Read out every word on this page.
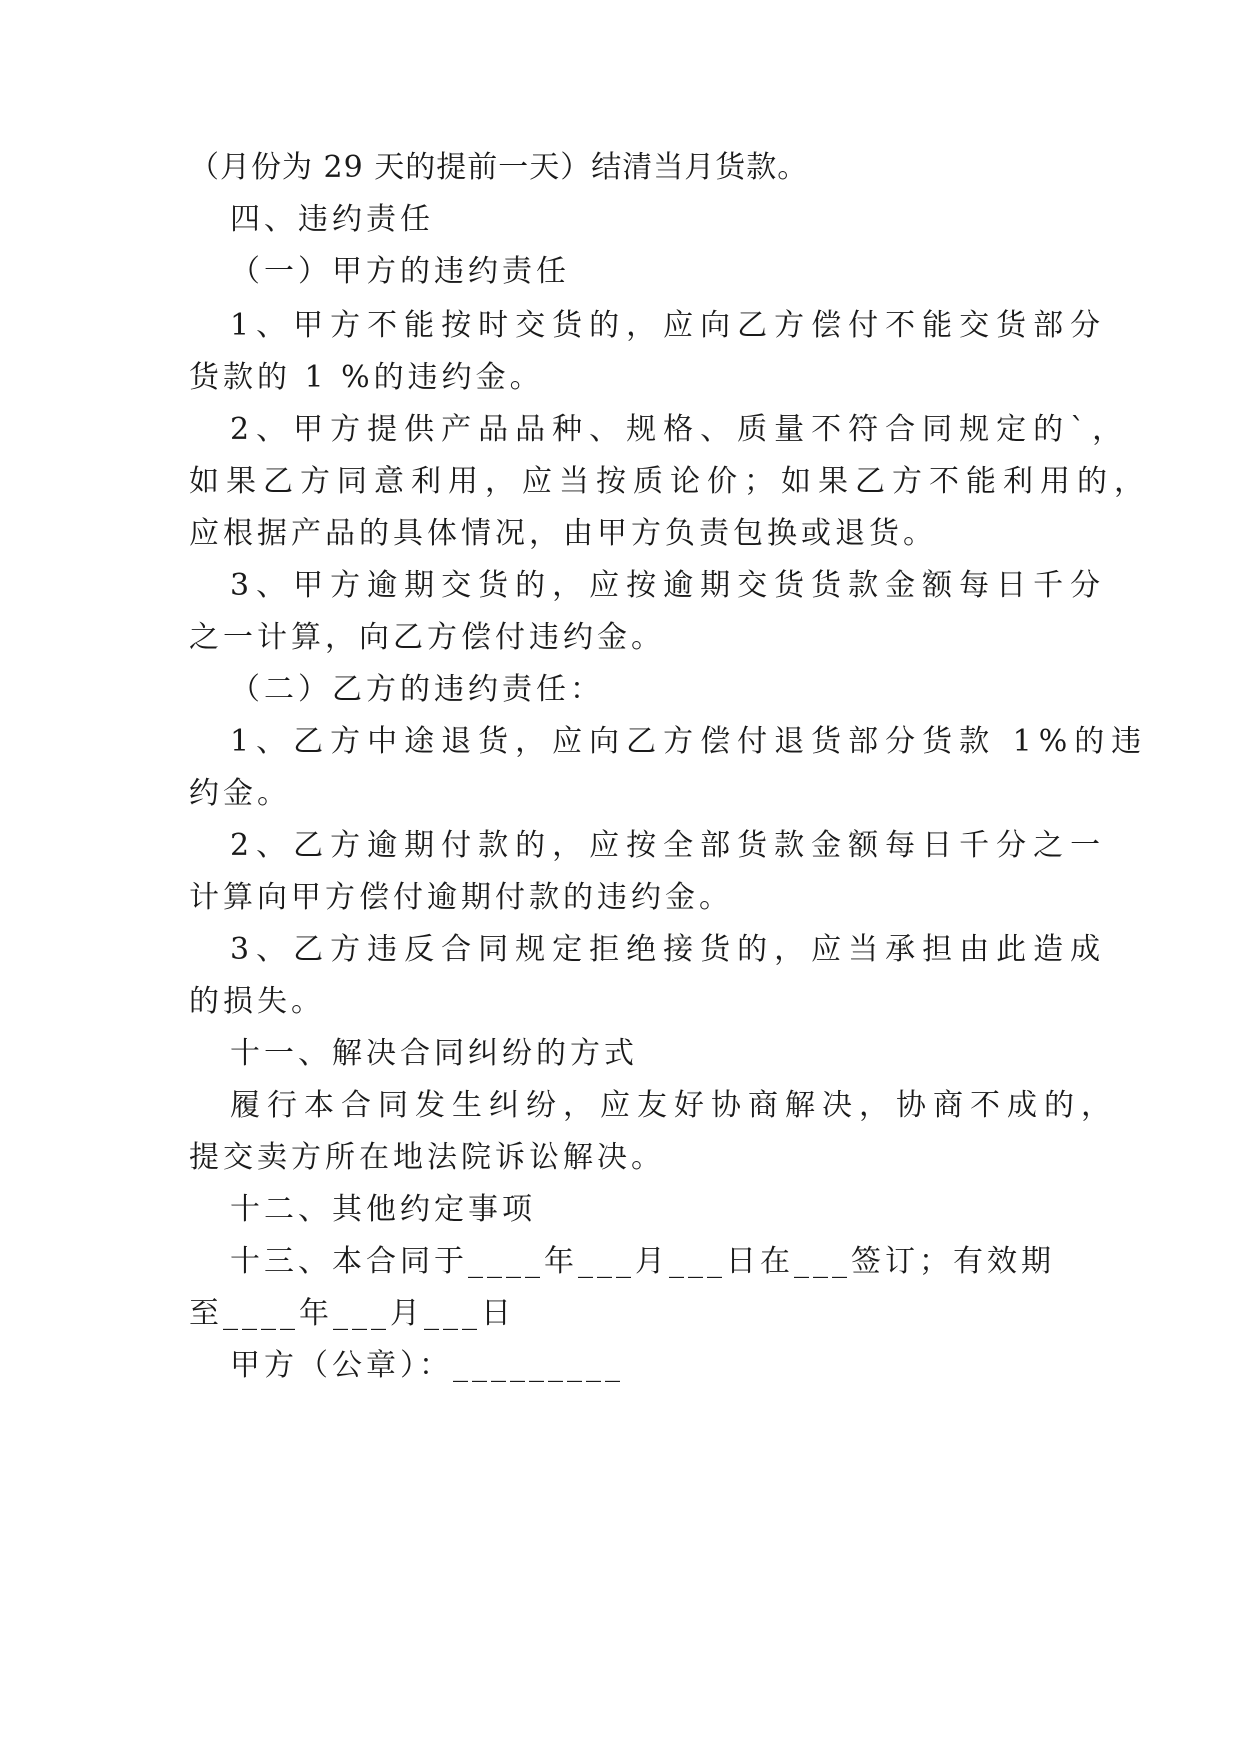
（月份为 29 天的提前一天）结清当月货款。

四、违约责任

（一）甲方的违约责任

1、甲方不能按时交货的，应向乙方偿付不能交货部分

货款的 1 %的违约金。

2、甲方提供产品品种、规格、质量不符合同规定的`，

如果乙方同意利用，应当按质论价；如果乙方不能利用的，

应根据产品的具体情况，由甲方负责包换或退货。

3、甲方逾期交货的，应按逾期交货货款金额每日千分

之一计算，向乙方偿付违约金。

（二）乙方的违约责任：

1、乙方中途退货，应向乙方偿付退货部分货款 1%的违

约金。

2、乙方逾期付款的，应按全部货款金额每日千分之一

计算向甲方偿付逾期付款的违约金。

3、乙方违反合同规定拒绝接货的，应当承担由此造成

的损失。

十一、解决合同纠纷的方式

履行本合同发生纠纷，应友好协商解决，协商不成的，

提交卖方所在地法院诉讼解决。

十二、其他约定事项

十三、本合同于____年___月___日在___签订；有效期

至____年___月___日

甲方（公章）：_________
